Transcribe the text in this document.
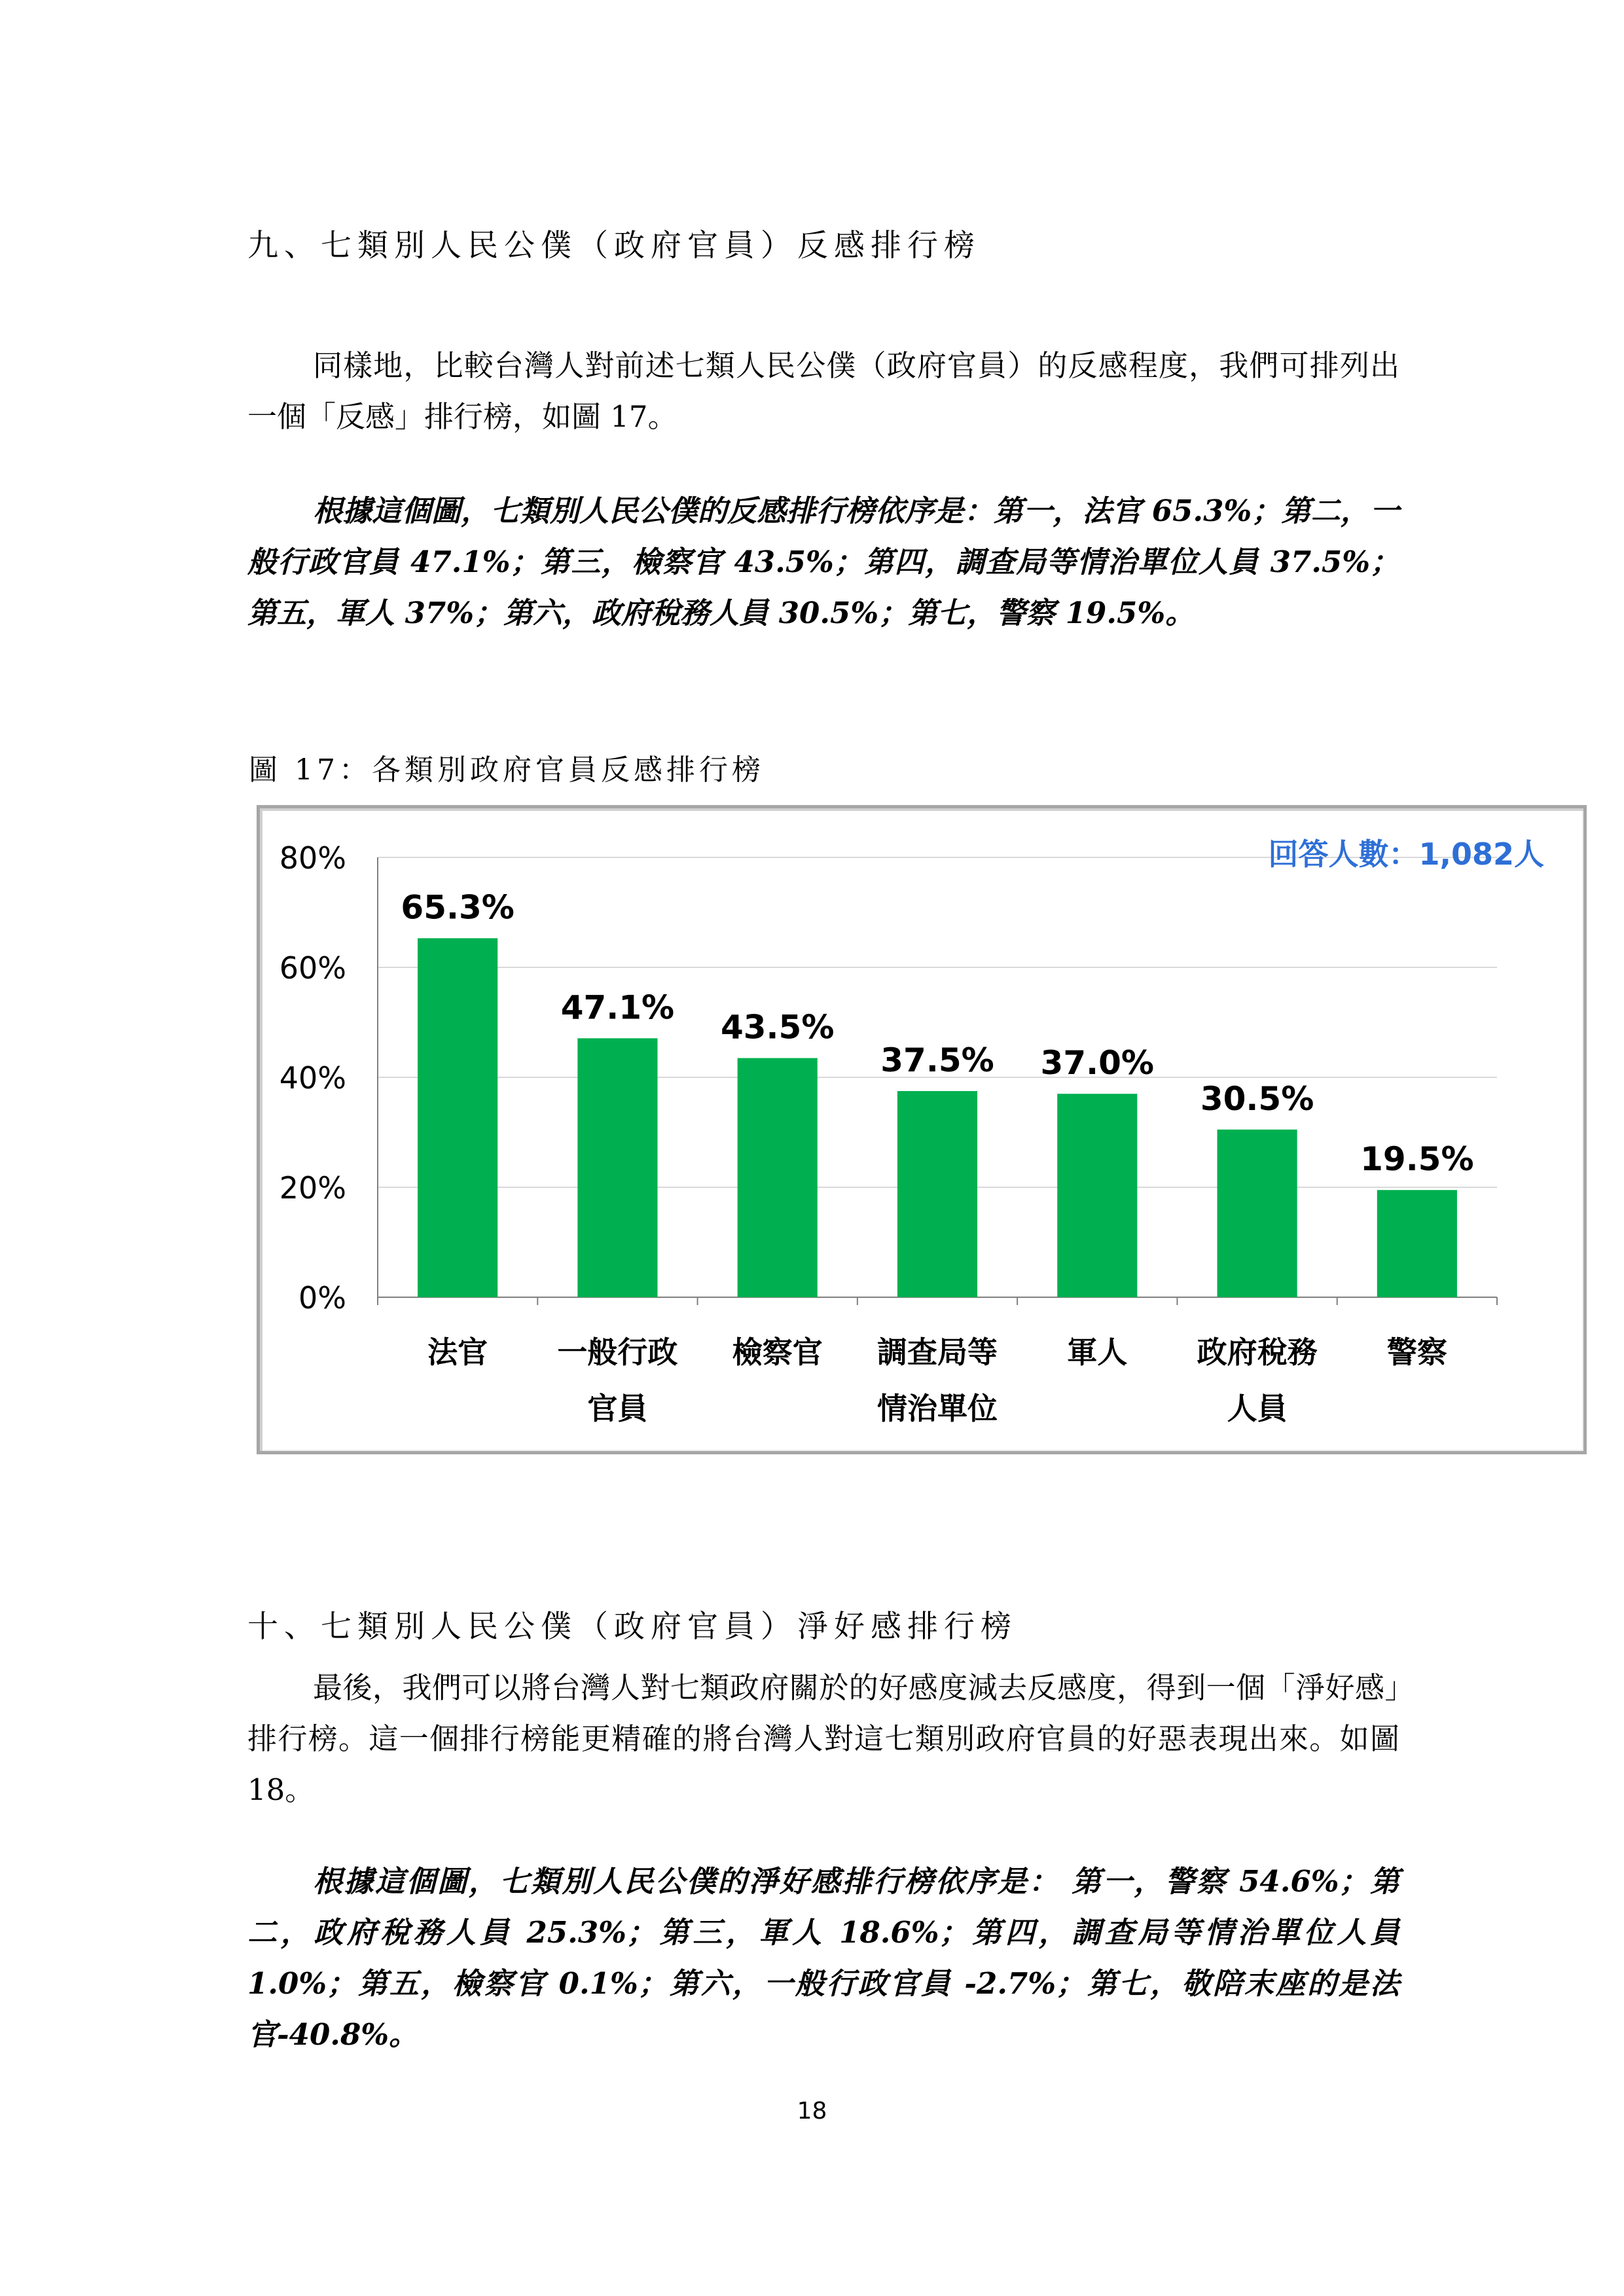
九、七類別人民公僕（政府官員）反感排行榜

同樣地，比較台灣人對前述七類人民公僕（政府官員）的反感程度，我們可排列出一個「反感」排行榜，如圖 17。

根據這個圖，七類別人民公僕的反感排行榜依序是：第一，法官 65.3%；第二，一般行政官員 47.1%；第三，檢察官 43.5%；第四，調查局等情治單位人員 37.5%；第五，軍人 37%；第六，政府稅務人員 30.5%；第七，警察 19.5%。

圖 17：各類別政府官員反感排行榜

0%
20%
40%
60%
80%
65.3%
法官
47.1%
一般行政
官員
43.5%
檢察官
37.5%
調查局等
情治單位
37.0%
軍人
30.5%
政府稅務
人員
19.5%
警察
回答人數：1,082人
十、七類別人民公僕（政府官員）淨好感排行榜

最後，我們可以將台灣人對七類政府關於的好感度減去反感度，得到一個「淨好感」排行榜。這一個排行榜能更精確的將台灣人對這七類別政府官員的好惡表現出來。如圖 18。

根據這個圖，七類別人民公僕的淨好感排行榜依序是： 第一，警察 54.6%；第二，政府稅務人員 25.3%；第三，軍人 18.6%；第四，調查局等情治單位人員 1.0%；第五，檢察官 0.1%；第六，一般行政官員 -2.7%；第七，敬陪末座的是法官-40.8%。

18
